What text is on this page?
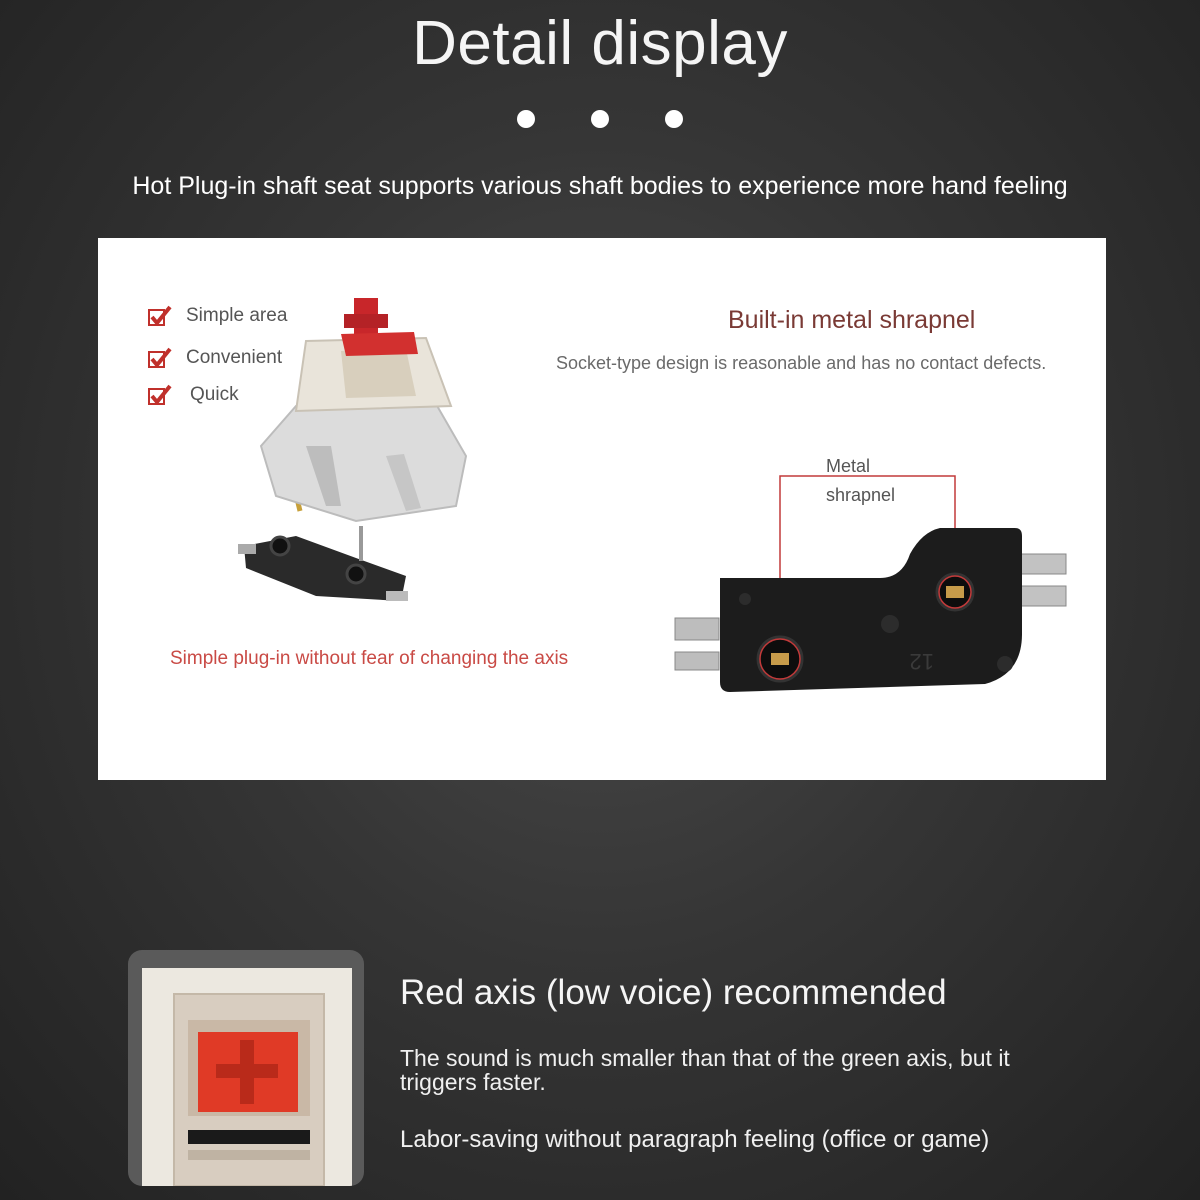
Detail display
Hot Plug-in shaft seat supports various shaft bodies to experience more hand feeling
Simple area
Convenient
Quick
Built-in metal shrapnel
Socket-type design is reasonable and has no contact defects.
Metal
shrapnel
12
Simple plug-in without fear of changing the axis
Red axis (low voice) recommended
The sound is much smaller than that of the green axis, but it triggers faster.
Labor-saving without paragraph feeling (office or game)
